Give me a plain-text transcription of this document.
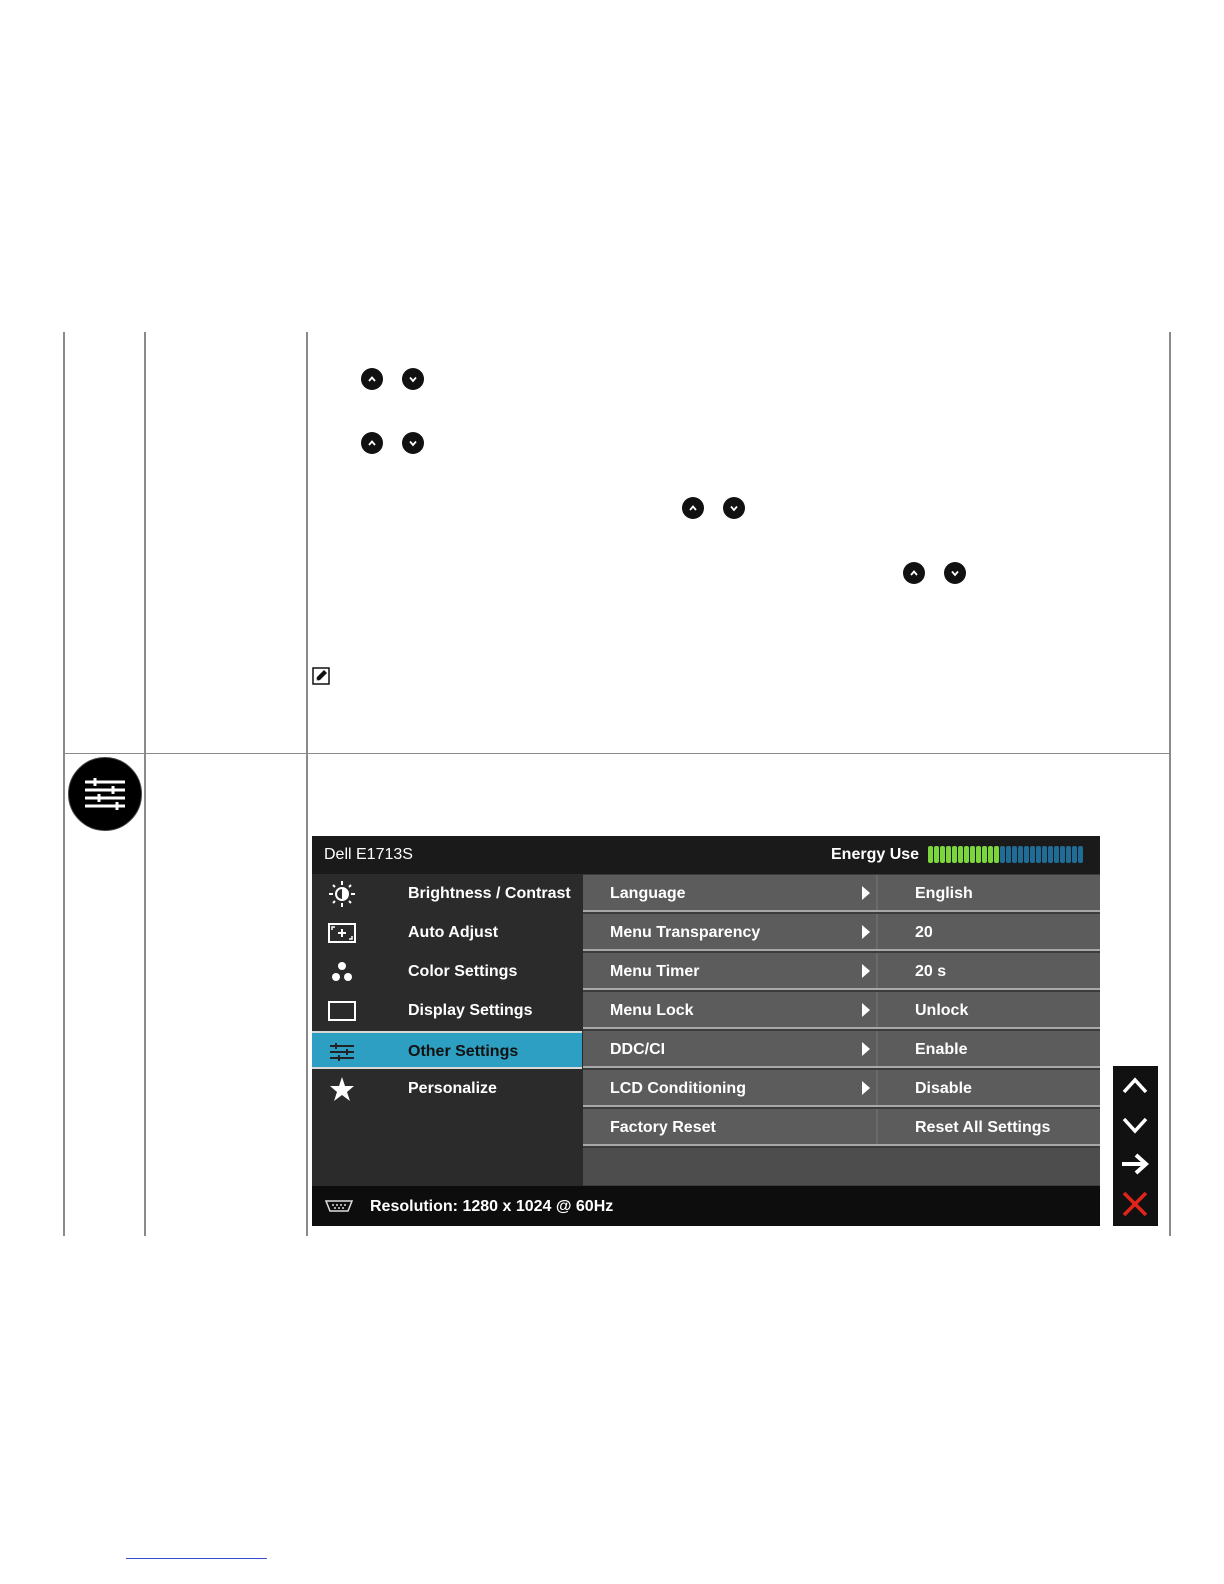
Dell E1713S	Energy Use
Brightness / Contrast
Auto Adjust
Color Settings
Display Settings
Other Settings
Personalize
Language	English
Menu Transparency	20
Menu Timer	20 s
Menu Lock	Unlock
DDC/CI	Enable
LCD Conditioning	Disable
Factory Reset	Reset All Settings
Resolution: 1280 x 1024 @ 60Hz
